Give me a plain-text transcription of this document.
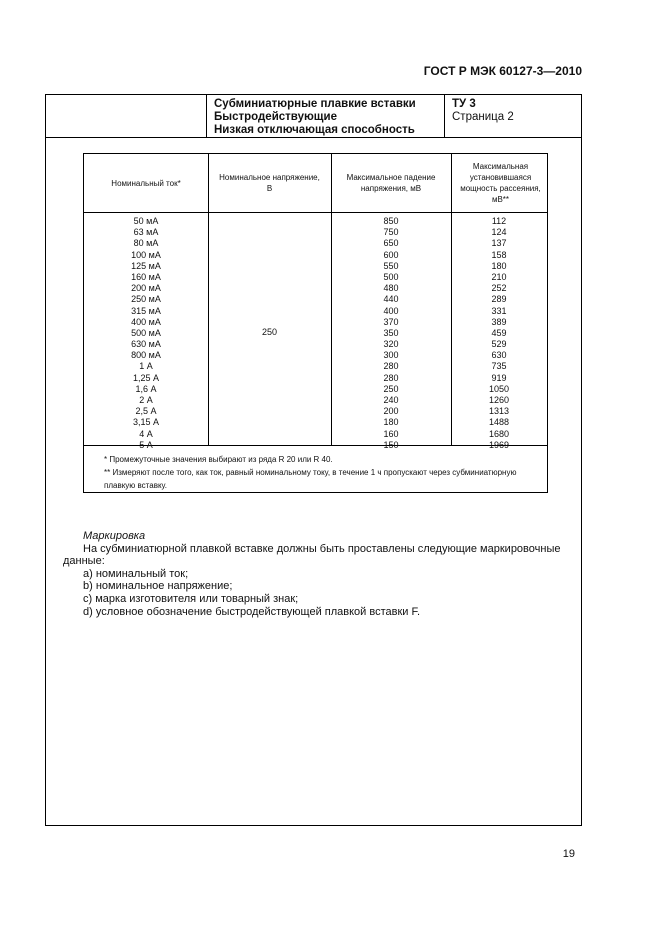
ГОСТ Р МЭК 60127-3—2010
Субминиатюрные плавкие вставки
Быстродействующие
Низкая отключающая способность
ТУ 3
Страница 2
Номинальный ток*
Номинальное напряжение, В
Максимальное падение напряжения, мВ
Максимальная установившаяся мощность рассеяния, мВ**
50 мА
63 мА
80 мА
100 мА
125 мА
160 мА
200 мА
250 мА
315 мА
400 мА
500 мА
630 мА
800 мА
1 А
1,25 А
1,6 А
2 А
2,5 А
3,15 А
4 А
5 А
250
850
750
650
600
550
500
480
440
400
370
350
320
300
280
280
250
240
200
180
160
150
112
124
137
158
180
210
252
289
331
389
459
529
630
735
919
1050
1260
1313
1488
1680
1969

* Промежуточные значения выбирают из ряда R 20 или R 40.

** Измеряют после того, как ток, равный номинальному току, в течение 1 ч пропускают через субминиатюрную плавкую вставку.

Маркировка

На субминиатюрной плавкой вставке должны быть проставлены следующие маркировочные данные:

a) номинальный ток;

b) номинальное напряжение;

c) марка изготовителя или товарный знак;

d) условное обозначение быстродействующей плавкой вставки F.

19
